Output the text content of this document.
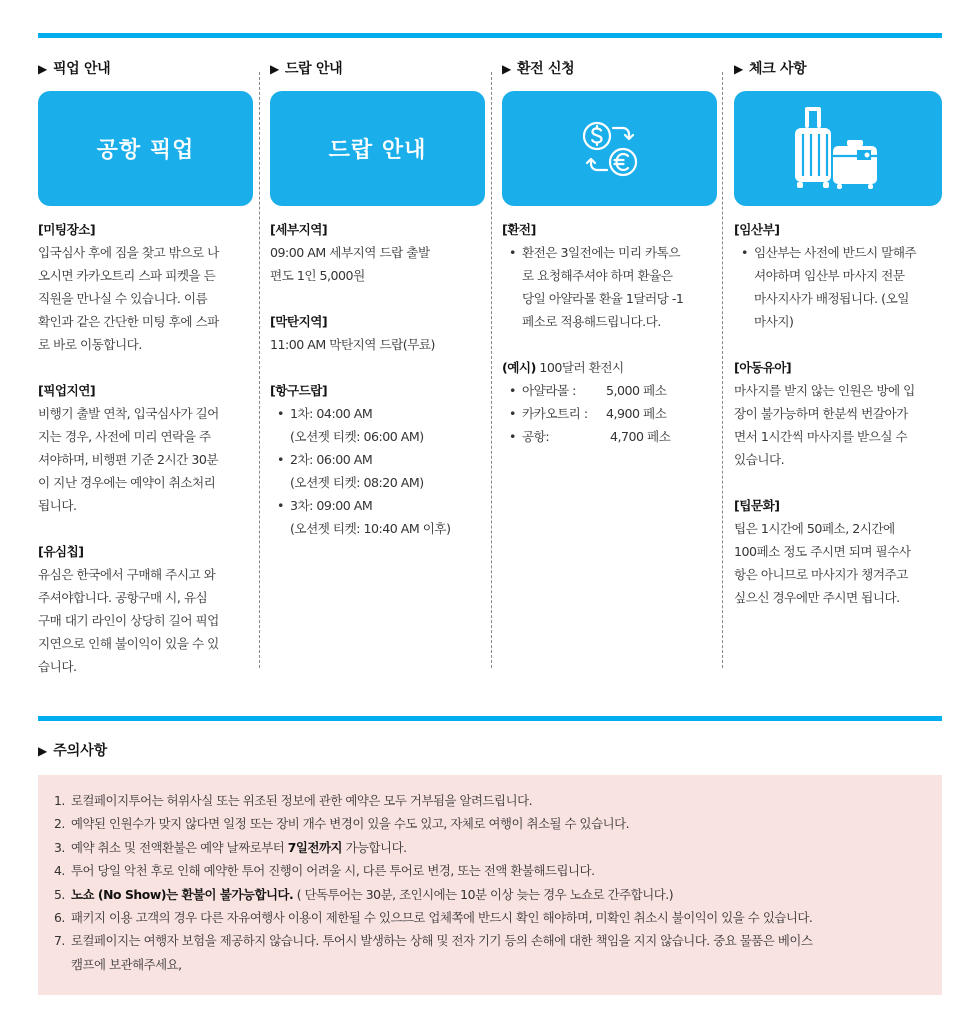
▶ 픽업 안내
공항 픽업
[미팅장소]
입국심사 후에 짐을 찾고 밖으로 나
오시면 카카오트리 스파 피켓을 든
직원을 만나실 수 있습니다. 이름
확인과 같은 간단한 미팅 후에 스파
로 바로 이동합니다.
[픽업지연]
비행기 출발 연착, 입국심사가 길어
지는 경우, 사전에 미리 연락을 주
셔야하며, 비행편 기준 2시간 30분
이 지난 경우에는 예약이 취소처리
됩니다.
[유심칩]
유심은 한국에서 구매해 주시고 와
주셔야합니다. 공항구매 시, 유심
구매 대기 라인이 상당히 길어 픽업
지연으로 인해 불이익이 있을 수 있
습니다.
▶ 드랍 안내
드랍 안내
[세부지역]
09:00 AM 세부지역 드랍 출발
편도 1인 5,000원
[막탄지역]
11:00 AM 막탄지역 드랍(무료)
[항구드랍]
• 1차: 04:00 AM
(오션젯 티켓: 06:00 AM)
• 2차: 06:00 AM
(오션젯 티켓: 08:20 AM)
• 3차: 09:00 AM
(오션젯 티켓: 10:40 AM 이후)
▶ 환전 신청
[환전]
• 환전은 3일전에는 미리 카톡으
로 요청해주셔야 하며 환율은
당일 아얄라몰 환율 1달러당 -1
페소로 적용해드립니다.다.
(예시) 100달러 환전시
• 아얄라몰 :	5,000 페소
• 카카오트리 :	4,900 페소
• 공항:	4,700 페소
▶ 체크 사항
[임산부]
• 임산부는 사전에 반드시 말해주
셔야하며 임산부 마사지 전문
마사지사가 배정됩니다. (오일
마사지)
[아동유아]
마사지를 받지 않는 인원은 방에 입
장이 불가능하며 한분씩 번갈아가
면서 1시간씩 마사지를 받으실 수
있습니다.
[팁문화]
팁은 1시간에 50페소, 2시간에
100페소 정도 주시면 되며 필수사
항은 아니므로 마사지가 챙겨주고
싶으신 경우에만 주시면 됩니다.
▶ 주의사항
1. 로컬페이지투어는 허위사실 또는 위조된 정보에 관한 예약은 모두 거부됨을 알려드립니다.
2. 예약된 인원수가 맞지 않다면 일정 또는 장비 개수 변경이 있을 수도 있고, 자체로 여행이 취소될 수 있습니다.
3. 예약 취소 및 전액환불은 예약 날짜로부터 7일전까지 가능합니다.
4. 투어 당일 악천 후로 인해 예약한 투어 진행이 어려울 시, 다른 투어로 변경, 또는 전액 환불해드립니다.
5. 노쇼 (No Show)는 환불이 불가능합니다. ( 단독투어는 30분, 조인시에는 10분 이상 늦는 경우 노쇼로 간주합니다.)
6. 패키지 이용 고객의 경우 다른 자유여행사 이용이 제한될 수 있으므로 업체쪽에 반드시 확인 해야하며, 미확인 취소시 불이익이 있을 수 있습니다.
7. 로컬페이지는 여행자 보험을 제공하지 않습니다. 투어시 발생하는 상해 및 전자 기기 등의 손해에 대한 책임을 지지 않습니다. 중요 물품은 베이스
캠프에 보관해주세요,
